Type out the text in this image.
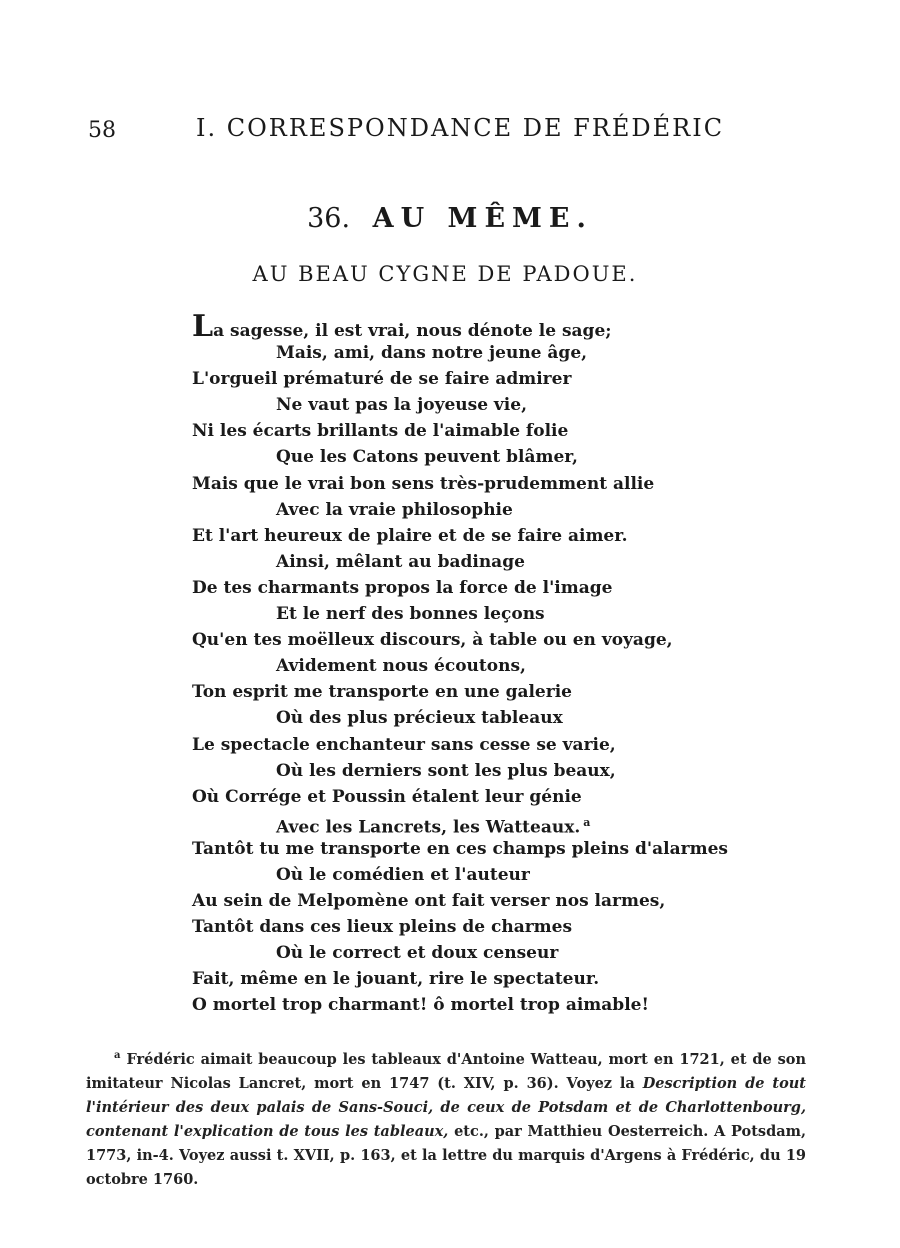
58	I. CORRESPONDANCE DE FRÉDÉRIC
36. AU MÊME.
AU BEAU CYGNE DE PADOUE.
La sagesse, il est vrai, nous dénote le sage;
Mais, ami, dans notre jeune âge,
L'orgueil prématuré de se faire admirer
Ne vaut pas la joyeuse vie,
Ni les écarts brillants de l'aimable folie
Que les Catons peuvent blâmer,
Mais que le vrai bon sens très-prudemment allie
Avec la vraie philosophie
Et l'art heureux de plaire et de se faire aimer.
Ainsi, mêlant au badinage
De tes charmants propos la force de l'image
Et le nerf des bonnes leçons
Qu'en tes moëlleux discours, à table ou en voyage,
Avidement nous écoutons,
Ton esprit me transporte en une galerie
Où des plus précieux tableaux
Le spectacle enchanteur sans cesse se varie,
Où les derniers sont les plus beaux,
Où Corrége et Poussin étalent leur génie
Avec les Lancrets, les Watteaux. $^a$
Tantôt tu me transporte en ces champs pleins d'alarmes
Où le comédien et l'auteur
Au sein de Melpomène ont fait verser nos larmes,
Tantôt dans ces lieux pleins de charmes
Où le correct et doux censeur
Fait, même en le jouant, rire le spectateur.
O mortel trop charmant! ô mortel trop aimable!
$^a$ Frédéric aimait beaucoup les tableaux d'Antoine Watteau, mort en 1721, et de son imitateur Nicolas Lancret, mort en 1747 (t. XIV, p. 36). Voyez la Description de tout l'intérieur des deux palais de Sans-Souci, de ceux de Potsdam et de Charlottenbourg, contenant l'explication de tous les tableaux, etc., par Matthieu Oesterreich. A Potsdam, 1773, in-4. Voyez aussi t. XVII, p. 163, et la lettre du marquis d'Argens à Frédéric, du 19 octobre 1760.
